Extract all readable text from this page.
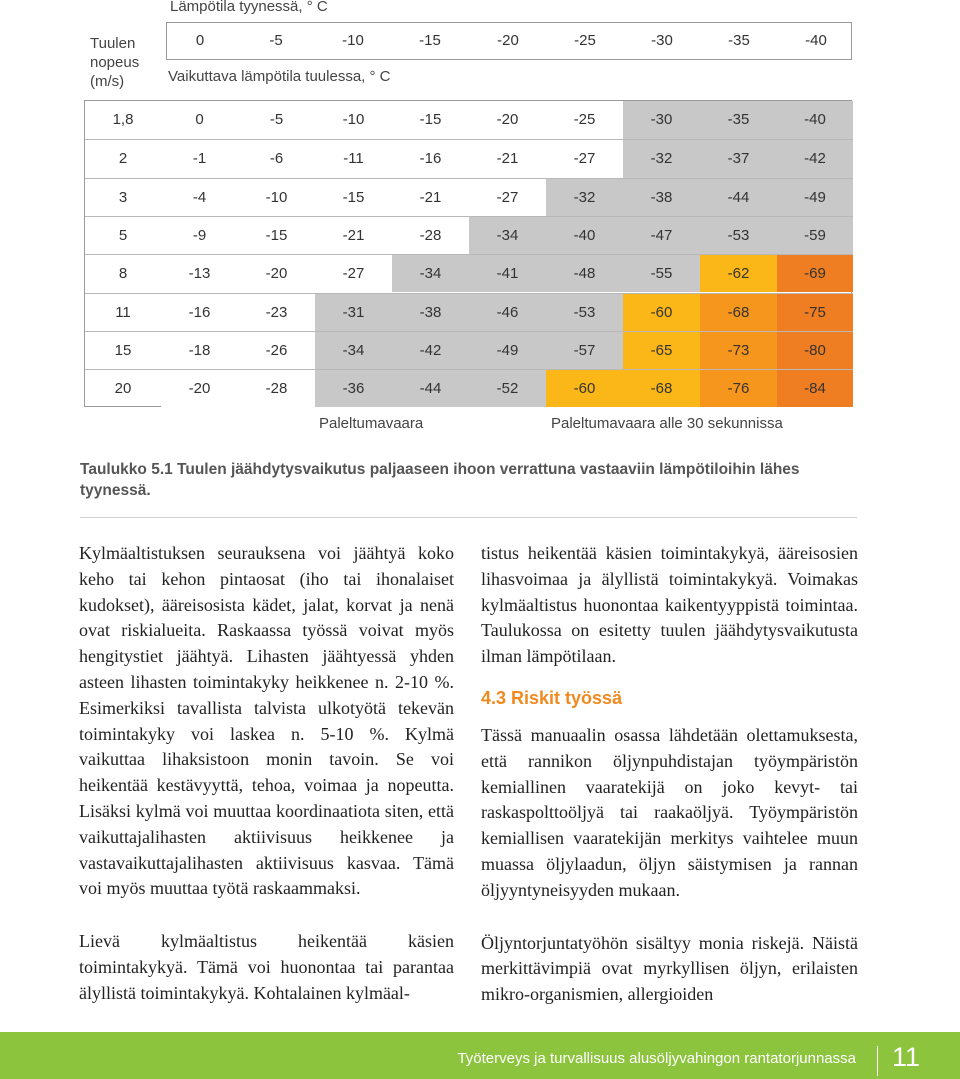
Lämpötila tyynessä, ° C
Tuulen nopeus (m/s)
0	-5	-10	-15	-20	-25	-30	-35	-40
Vaikuttava lämpötila tuulessa, ° C
1,8	0	-5	-10	-15	-20	-25	-30	-35	-40
2	-1	-6	-11	-16	-21	-27	-32	-37	-42
3	-4	-10	-15	-21	-27	-32	-38	-44	-49
5	-9	-15	-21	-28	-34	-40	-47	-53	-59
8	-13	-20	-27	-34	-41	-48	-55	-62	-69
11	-16	-23	-31	-38	-46	-53	-60	-68	-75
15	-18	-26	-34	-42	-49	-57	-65	-73	-80
20	-20	-28	-36	-44	-52	-60	-68	-76	-84
Paleltumavaara	Paleltumavaara alle 30 sekunnissa
Taulukko 5.1 Tuulen jäähdytysvaikutus paljaaseen ihoon verrattuna vastaaviin lämpötiloihin lähes tyynessä.

Kylmäaltistuksen seurauksena voi jäähtyä koko keho tai kehon pintaosat (iho tai ihonalaiset kudokset), ääreisosista kädet, jalat, korvat ja nenä ovat riskialueita. Raskaassa työssä voivat myös hengitystiet jäähtyä. Lihasten jäähtyessä yhden asteen lihasten toimintakyky heikkenee n. 2-10 %. Esimerkiksi tavallista talvista ulkotyötä tekevän toimintakyky voi laskea n. 5-10 %. Kylmä vaikuttaa lihaksistoon monin tavoin. Se voi heikentää kestävyyttä, tehoa, voimaa ja nopeutta. Lisäksi kylmä voi muuttaa koordinaatiota siten, että vaikuttajalihasten aktiivisuus heikkenee ja vastavaikuttajalihasten aktiivisuus kasvaa. Tämä voi myös muuttaa työtä raskaammaksi.

Lievä kylmäaltistus heikentää käsien toimintakykyä. Tämä voi huonontaa tai parantaa älyllistä toimintakykyä. Kohtalainen kylmäal-

tistus heikentää käsien toimintakykyä, ääreisosien lihasvoimaa ja älyllistä toimintakykyä. Voimakas kylmäaltistus huonontaa kaikentyyppistä toimintaa. Taulukossa on esitetty tuulen jäähdytysvaikutusta ilman lämpötilaan.

4.3 Riskit työssä

Tässä manuaalin osassa lähdetään olettamuksesta, että rannikon öljynpuhdistajan työympäristön kemiallinen vaaratekijä on joko kevyt- tai raskaspolttoöljyä tai raakaöljyä. Työympäristön kemiallisen vaaratekijän merkitys vaihtelee muun muassa öljylaadun, öljyn säistymisen ja rannan öljyyntyneisyyden mukaan.

Öljyntorjuntatyöhön sisältyy monia riskejä. Näistä merkittävimpiä ovat myrkyllisen öljyn, erilaisten mikro-organismien, allergioiden

Työterveys ja turvallisuus alusöljyvahingon rantatorjunnassa 11
